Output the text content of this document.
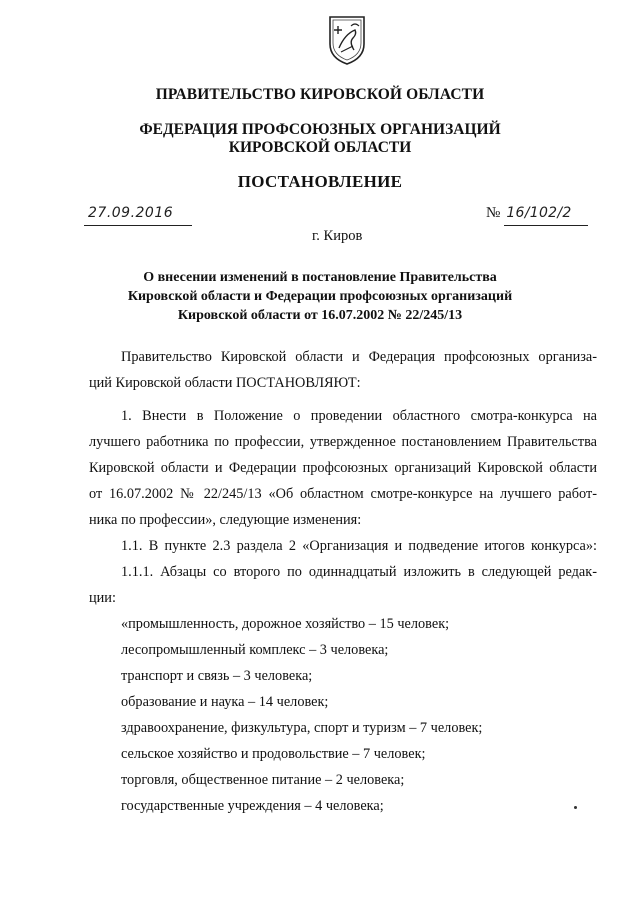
ПРАВИТЕЛЬСТВО КИРОВСКОЙ ОБЛАСТИ
ФЕДЕРАЦИЯ ПРОФСОЮЗНЫХ ОРГАНИЗАЦИЙ
КИРОВСКОЙ ОБЛАСТИ
ПОСТАНОВЛЕНИЕ
27.09.2016	№ 16/102/2
г. Киров
О внесении изменений в постановление Правительства
Кировской области и Федерации профсоюзных организаций
Кировской области от 16.07.2002 № 22/245/13
Правительство Кировской области и Федерация профсоюзных организа-
ций Кировской области ПОСТАНОВЛЯЮТ:
1. Внести в Положение о проведении областного смотра-конкурса на
лучшего работника по профессии, утвержденное постановлением Правительства
Кировской области и Федерации профсоюзных организаций Кировской области
от 16.07.2002 № 22/245/13 «Об областном смотре-конкурсе на лучшего работ-
ника по профессии», следующие изменения:
1.1. В пункте 2.3 раздела 2 «Организация и подведение итогов конкурса»:
1.1.1. Абзацы со второго по одиннадцатый изложить в следующей редак-
ции:
«промышленность, дорожное хозяйство – 15 человек;
лесопромышленный комплекс – 3 человека;
транспорт и связь – 3 человека;
образование и наука – 14 человек;
здравоохранение, физкультура, спорт и туризм – 7 человек;
сельское хозяйство и продовольствие – 7 человек;
торговля, общественное питание – 2 человека;
государственные учреждения – 4 человека;
